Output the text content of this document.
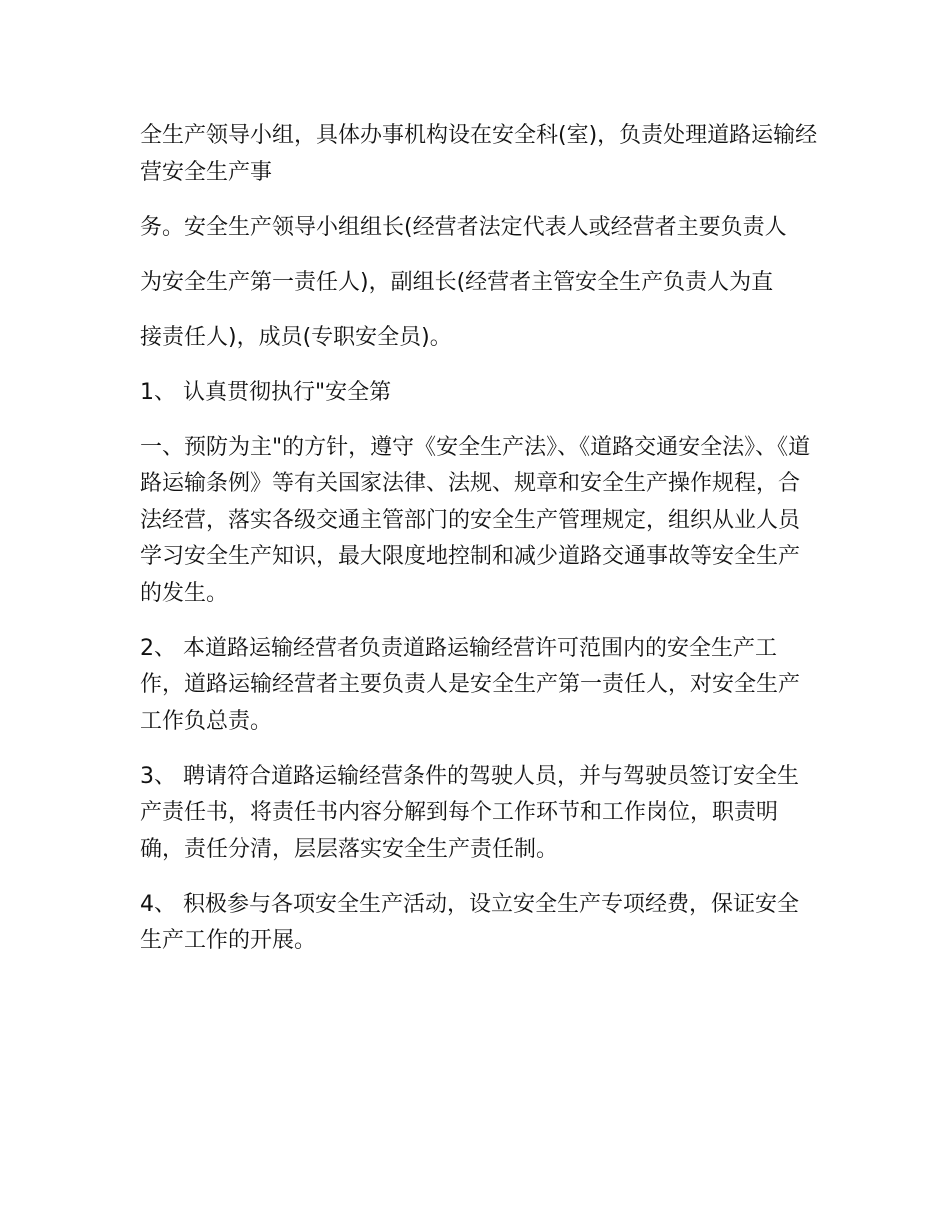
全生产领导小组，具体办事机构设在安全科(室)，负责处理道路运输经营安全生产事

务。安全生产领导小组组长(经营者法定代表人或经营者主要负责人

为安全生产第一责任人)，副组长(经营者主管安全生产负责人为直

接责任人)，成员(专职安全员)。

1、 认真贯彻执行"安全第

一、预防为主"的方针，遵守《安全生产法》、《道路交通安全法》、《道路运输条例》等有关国家法律、法规、规章和安全生产操作规程，合法经营，落实各级交通主管部门的安全生产管理规定，组织从业人员学习安全生产知识，最大限度地控制和减少道路交通事故等安全生产的发生。

2、 本道路运输经营者负责道路运输经营许可范围内的安全生产工作，道路运输经营者主要负责人是安全生产第一责任人，对安全生产工作负总责。

3、 聘请符合道路运输经营条件的驾驶人员，并与驾驶员签订安全生产责任书，将责任书内容分解到每个工作环节和工作岗位，职责明确，责任分清，层层落实安全生产责任制。

4、 积极参与各项安全生产活动，设立安全生产专项经费，保证安全生产工作的开展。
